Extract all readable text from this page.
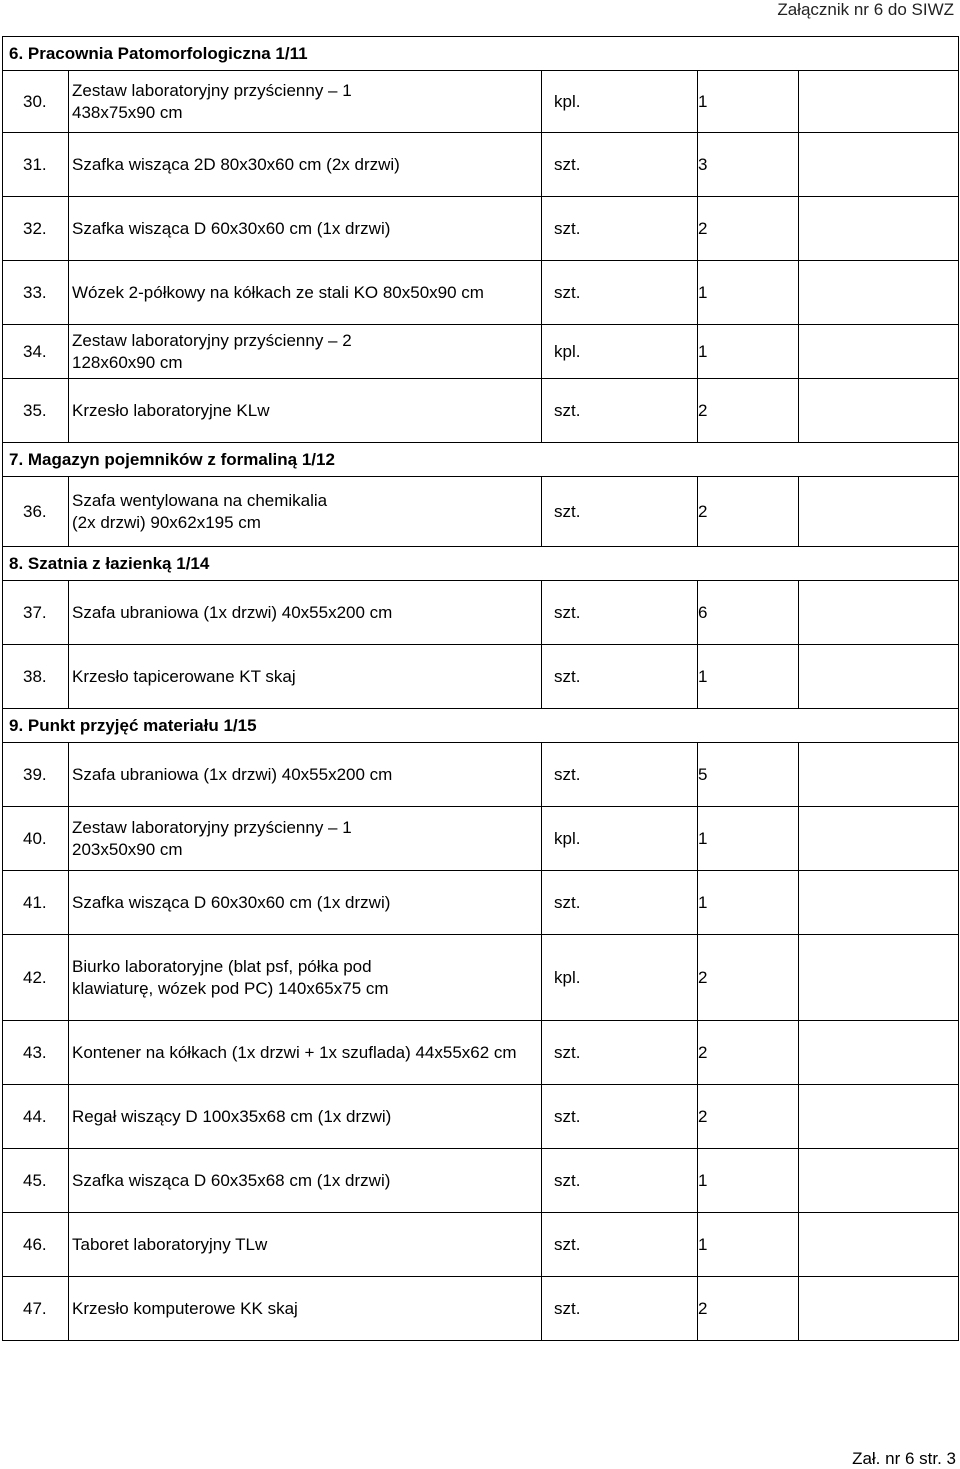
Załącznik nr 6 do SIWZ
6. Pracownia Patomorfologiczna 1/11				
30.	Zestaw laboratoryjny przyścienny – 1
438x75x90 cm	kpl.	1	
31.	Szafka wisząca 2D 80x30x60 cm (2x drzwi)	szt.	3	
32.	Szafka wisząca D 60x30x60 cm (1x drzwi)	szt.	2	
33.	Wózek 2-półkowy na kółkach ze stali KO 80x50x90 cm	szt.	1	
34.	Zestaw laboratoryjny przyścienny – 2
128x60x90 cm	kpl.	1	
35.	Krzesło laboratoryjne KLw	szt.	2	
7. Magazyn pojemników z formaliną 1/12				
36.	Szafa wentylowana na chemikalia
(2x drzwi) 90x62x195 cm	szt.	2	
8. Szatnia z łazienką 1/14				
37.	Szafa ubraniowa (1x drzwi) 40x55x200 cm	szt.	6	
38.	Krzesło tapicerowane KT skaj	szt.	1	
9. Punkt przyjęć materiału 1/15				
39.	Szafa ubraniowa (1x drzwi) 40x55x200 cm	szt.	5	
40.	Zestaw laboratoryjny przyścienny – 1
203x50x90 cm	kpl.	1	
41.	Szafka wisząca D 60x30x60 cm (1x drzwi)	szt.	1	
42.	Biurko laboratoryjne (blat psf, półka pod
klawiaturę, wózek pod PC) 140x65x75 cm	kpl.	2	
43.	Kontener na kółkach (1x drzwi + 1x szuflada) 44x55x62 cm	szt.	2	
44.	Regał wiszący D 100x35x68 cm (1x drzwi)	szt.	2	
45.	Szafka wisząca D 60x35x68 cm (1x drzwi)	szt.	1	
46.	Taboret laboratoryjny TLw	szt.	1	
47.	Krzesło komputerowe KK skaj	szt.	2	
Zał. nr 6 str. 3
